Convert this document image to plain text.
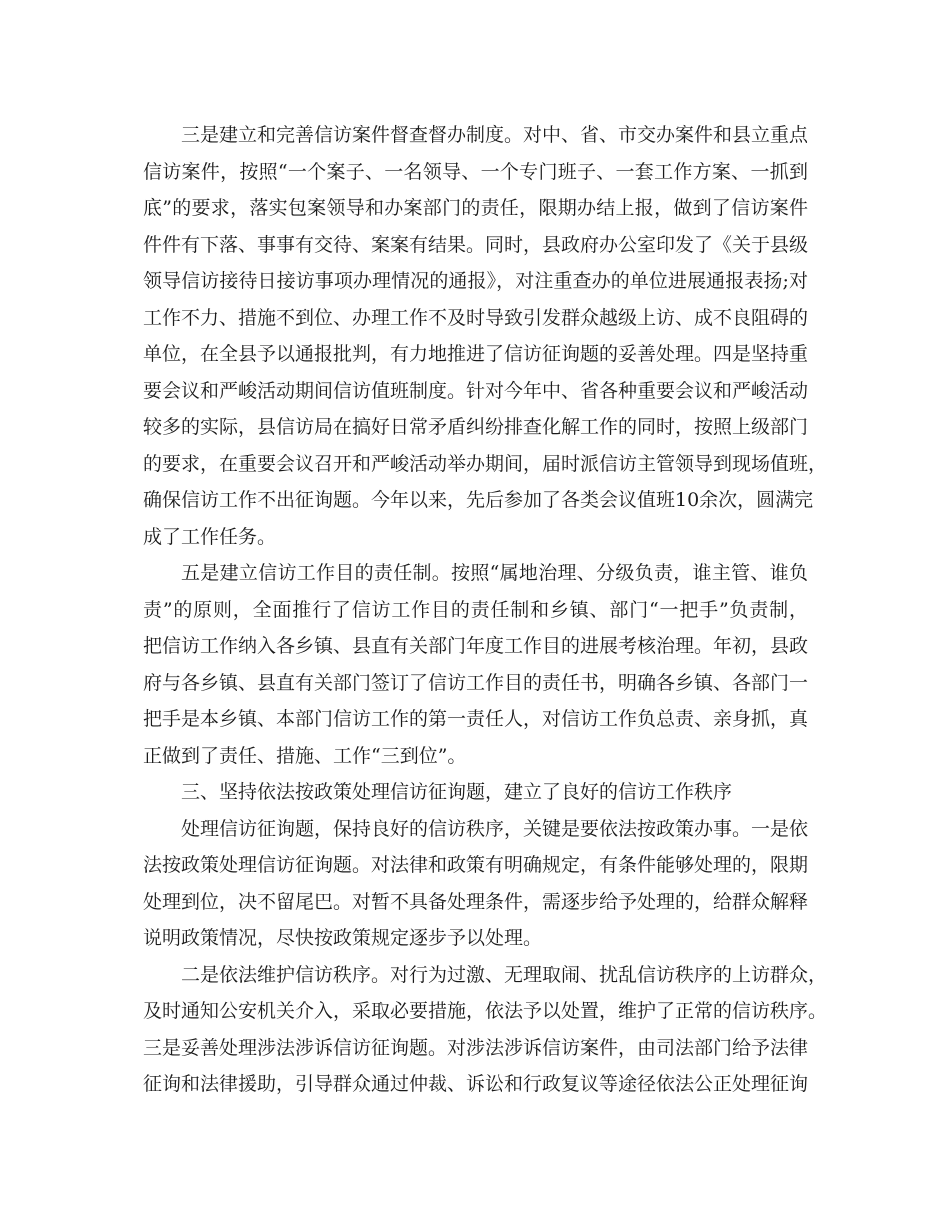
三是建立和完善信访案件督查督办制度。对中、省、市交办案件和县立重点
信访案件，按照“一个案子、一名领导、一个专门班子、一套工作方案、一抓到
底”的要求，落实包案领导和办案部门的责任，限期办结上报，做到了信访案件
件件有下落、事事有交待、案案有结果。同时，县政府办公室印发了《关于县级
领导信访接待日接访事项办理情况的通报》，对注重查办的单位进展通报表扬;对
工作不力、措施不到位、办理工作不及时导致引发群众越级上访、成不良阻碍的
单位，在全县予以通报批判，有力地推进了信访征询题的妥善处理。四是坚持重
要会议和严峻活动期间信访值班制度。针对今年中、省各种重要会议和严峻活动
较多的实际，县信访局在搞好日常矛盾纠纷排查化解工作的同时，按照上级部门
的要求，在重要会议召开和严峻活动举办期间，届时派信访主管领导到现场值班，
确保信访工作不出征询题。今年以来，先后参加了各类会议值班10余次，圆满完
成了工作任务。
五是建立信访工作目的责任制。按照“属地治理、分级负责，谁主管、谁负
责”的原则，全面推行了信访工作目的责任制和乡镇、部门“一把手”负责制，
把信访工作纳入各乡镇、县直有关部门年度工作目的进展考核治理。年初，县政
府与各乡镇、县直有关部门签订了信访工作目的责任书，明确各乡镇、各部门一
把手是本乡镇、本部门信访工作的第一责任人，对信访工作负总责、亲身抓，真
正做到了责任、措施、工作“三到位”。
三、坚持依法按政策处理信访征询题，建立了良好的信访工作秩序
处理信访征询题，保持良好的信访秩序，关键是要依法按政策办事。一是依
法按政策处理信访征询题。对法律和政策有明确规定，有条件能够处理的，限期
处理到位，决不留尾巴。对暂不具备处理条件，需逐步给予处理的，给群众解释
说明政策情况，尽快按政策规定逐步予以处理。
二是依法维护信访秩序。对行为过激、无理取闹、扰乱信访秩序的上访群众，
及时通知公安机关介入，采取必要措施，依法予以处置，维护了正常的信访秩序。
三是妥善处理涉法涉诉信访征询题。对涉法涉诉信访案件，由司法部门给予法律
征询和法律援助，引导群众通过仲裁、诉讼和行政复议等途径依法公正处理征询
